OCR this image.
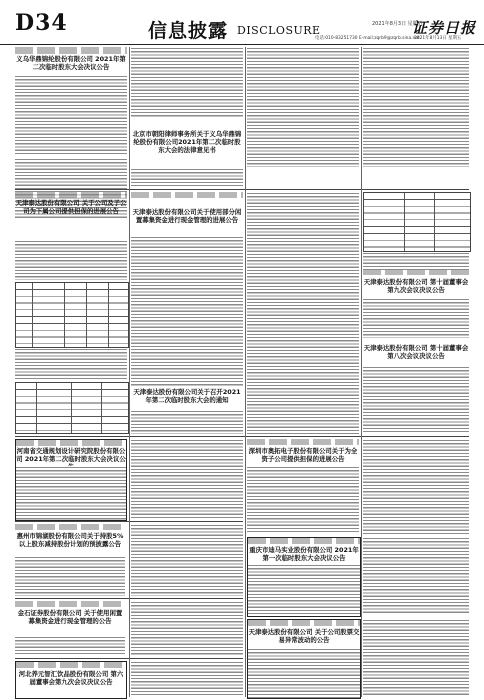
D34	信息披露 DISCLOSURE	2021年8月3日 星期五
证券日报
电话:010-83251730 E-mail:zqrb9@zqrb.sina.net
2021年8月13日 星期五
义乌华鼎锦纶股份有限公司 2021年第二次临时股东大会决议公告
北京市朝阳律师事务所关于义乌华鼎锦纶股份有限公司2021年第二次临时股东大会的法律意见书
天津泰达股份有限公司 关于公司及子公司为下属公司提供担保的进展公告	天津泰达股份有限公司关于使用部分闲置募集资金进行现金管理的进展公告
天津泰达股份有限公司关于召开2021年第二次临时股东大会的通知
天津泰达股份有限公司 第十届董事会第九次会议决议公告
天津泰达股份有限公司 第十届董事会第八次会议决议公告
河南省交通规划设计研究院股份有限公司 2021年第二次临时股东大会决议公
深圳市奥拓电子股份有限公司关于为全资子公司提供担保的进展公告
惠州市锦湖股份有限公司关于持股5%以上股东减持股份计划的预披露公告
重庆市迪马实业股份有限公司 2021年第一次临时股东大会决议公告
金石证券股份有限公司 关于使用闲置募集资金进行现金管理的公告
河北养元智汇饮品股份有限公司 第六届董事会第九次会议决议公告
天津泰达股份有限公司 关于公司股票交易异常波动的公告
